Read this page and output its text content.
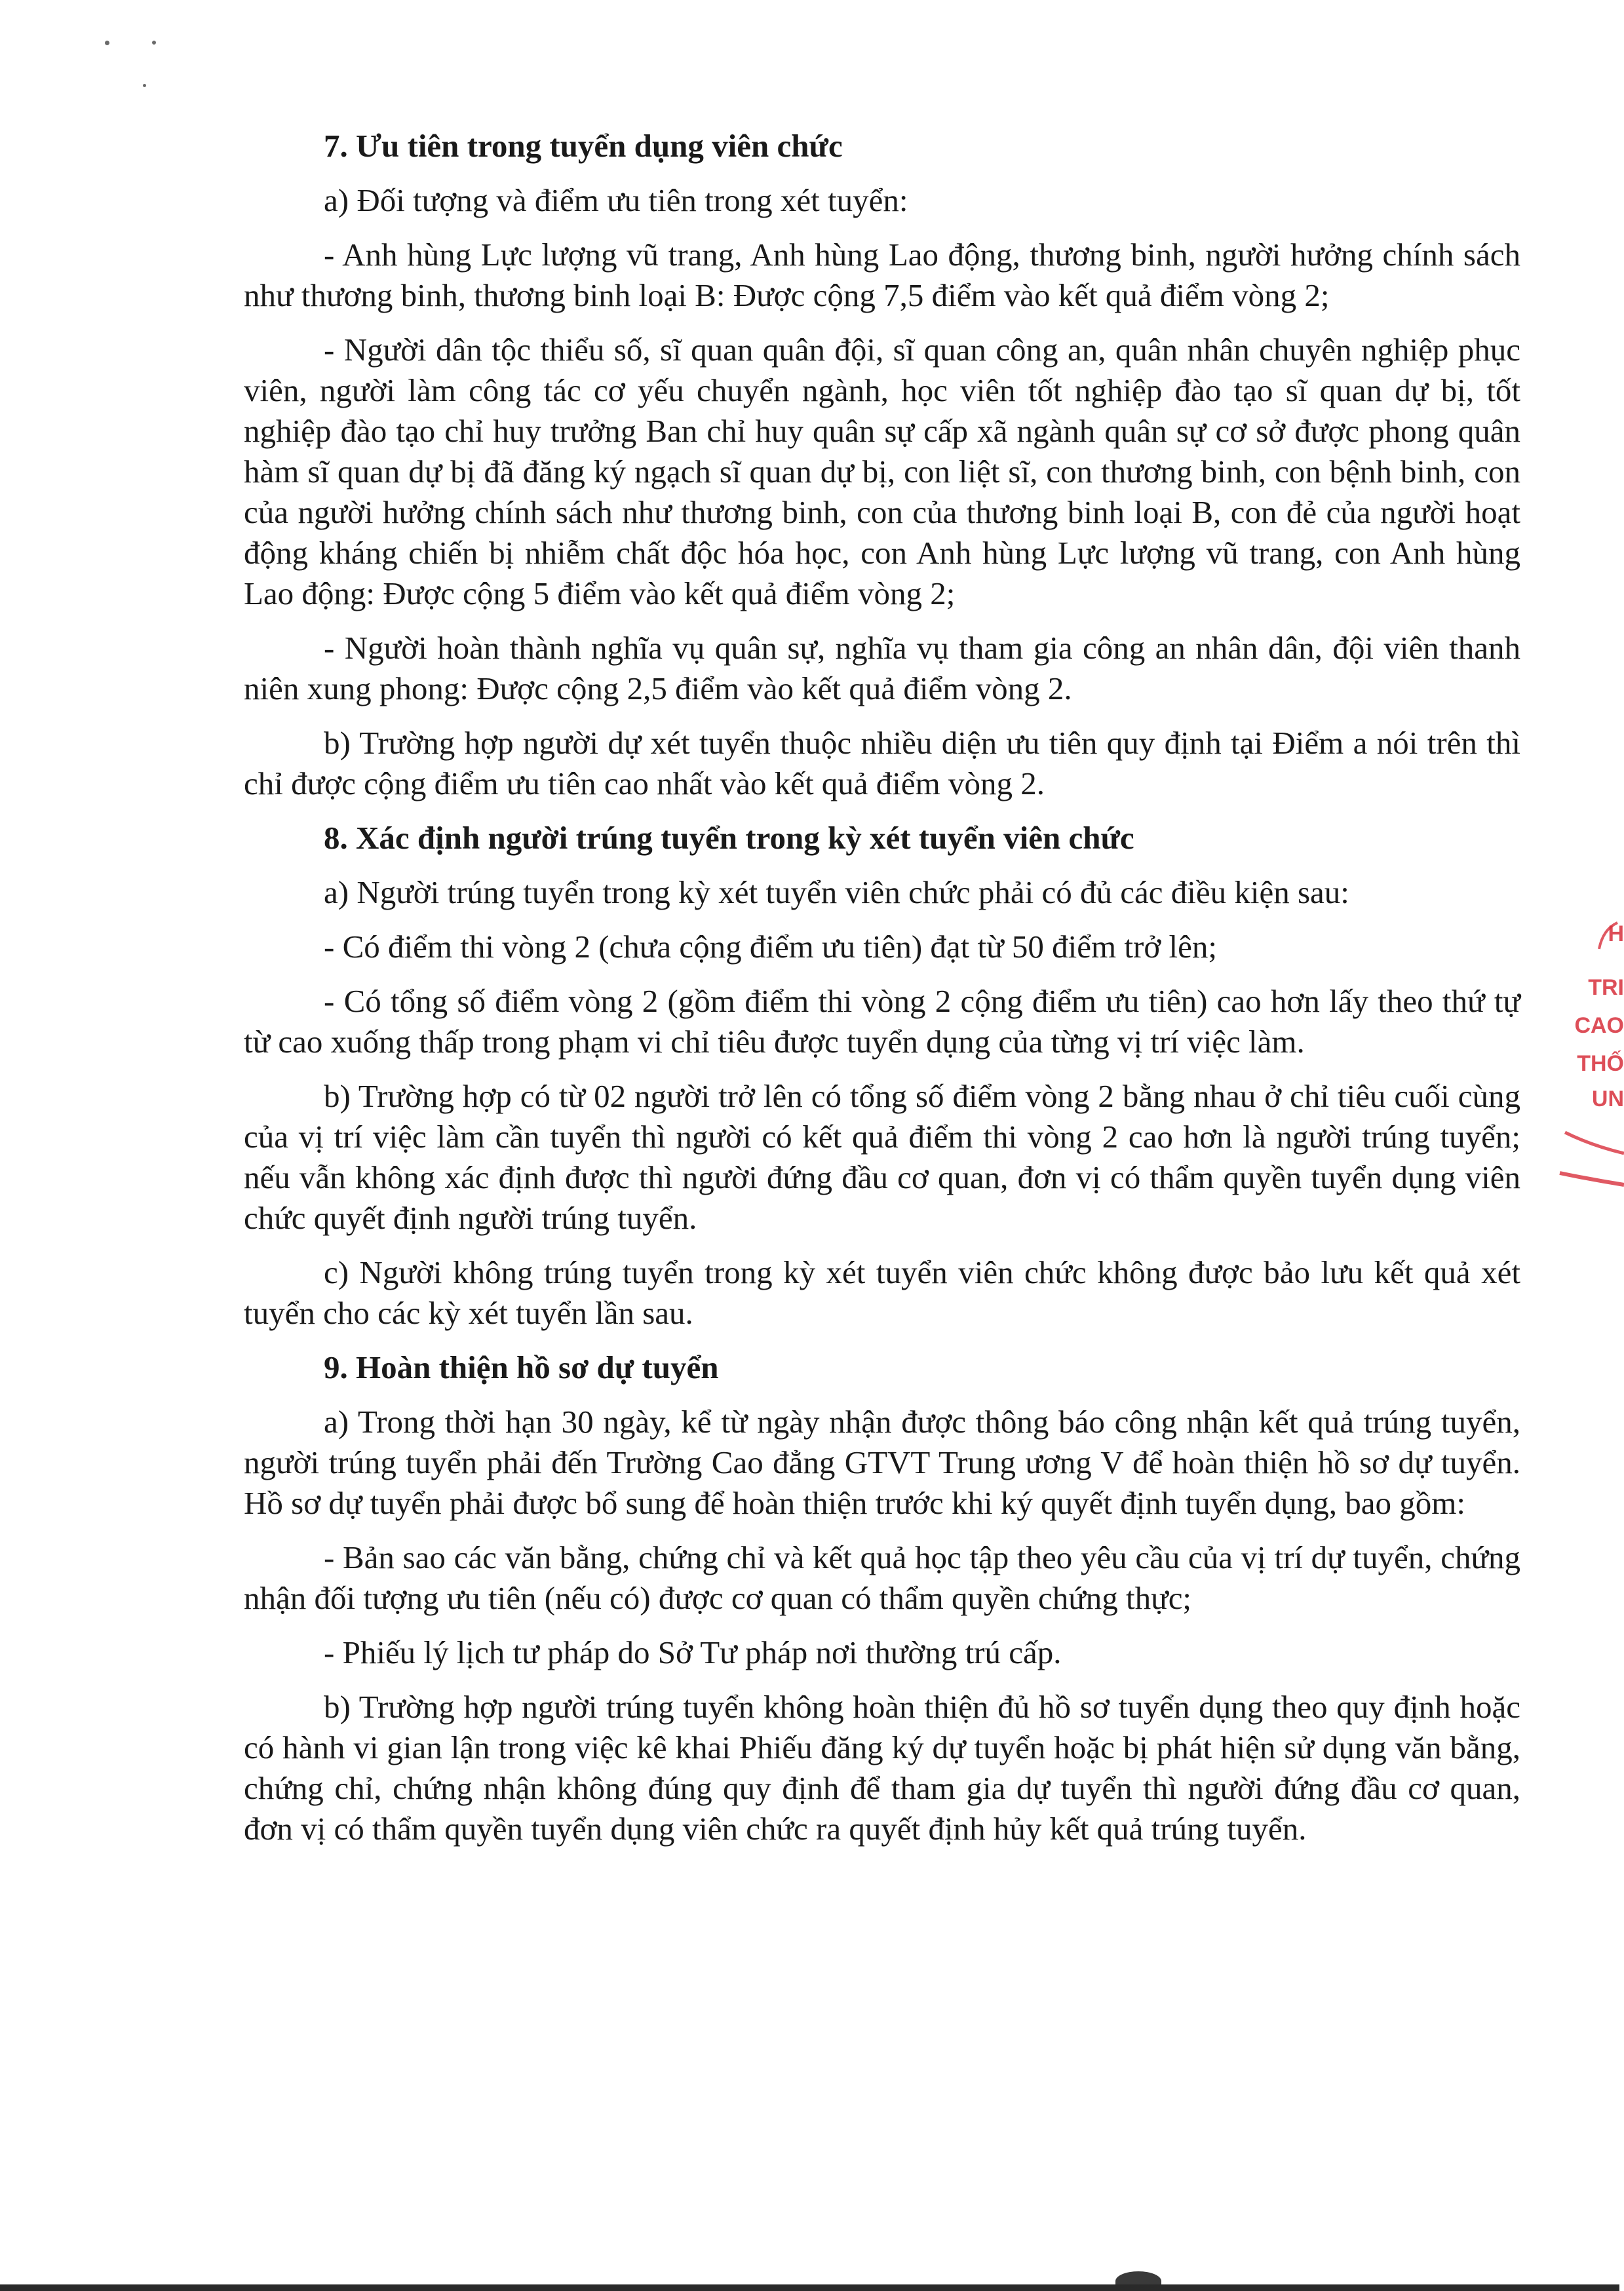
7. Ưu tiên trong tuyển dụng viên chức

a) Đối tượng và điểm ưu tiên trong xét tuyển:

- Anh hùng Lực lượng vũ trang, Anh hùng Lao động, thương binh, người hưởng chính sách như thương binh, thương binh loại B: Được cộng 7,5 điểm vào kết quả điểm vòng 2;

- Người dân tộc thiểu số, sĩ quan quân đội, sĩ quan công an, quân nhân chuyên nghiệp phục viên, người làm công tác cơ yếu chuyển ngành, học viên tốt nghiệp đào tạo sĩ quan dự bị, tốt nghiệp đào tạo chỉ huy trưởng Ban chỉ huy quân sự cấp xã ngành quân sự cơ sở được phong quân hàm sĩ quan dự bị đã đăng ký ngạch sĩ quan dự bị, con liệt sĩ, con thương binh, con bệnh binh, con của người hưởng chính sách như thương binh, con của thương binh loại B, con đẻ của người hoạt động kháng chiến bị nhiễm chất độc hóa học, con Anh hùng Lực lượng vũ trang, con Anh hùng Lao động: Được cộng 5 điểm vào kết quả điểm vòng 2;

- Người hoàn thành nghĩa vụ quân sự, nghĩa vụ tham gia công an nhân dân, đội viên thanh niên xung phong: Được cộng 2,5 điểm vào kết quả điểm vòng 2.

b) Trường hợp người dự xét tuyển thuộc nhiều diện ưu tiên quy định tại Điểm a nói trên thì chỉ được cộng điểm ưu tiên cao nhất vào kết quả điểm vòng 2.

8. Xác định người trúng tuyển trong kỳ xét tuyển viên chức

a) Người trúng tuyển trong kỳ xét tuyển viên chức phải có đủ các điều kiện sau:

- Có điểm thi vòng 2 (chưa cộng điểm ưu tiên) đạt từ 50 điểm trở lên;

- Có tổng số điểm vòng 2 (gồm điểm thi vòng 2 cộng điểm ưu tiên) cao hơn lấy theo thứ tự từ cao xuống thấp trong phạm vi chỉ tiêu được tuyển dụng của từng vị trí việc làm.

b) Trường hợp có từ 02 người trở lên có tổng số điểm vòng 2 bằng nhau ở chỉ tiêu cuối cùng của vị trí việc làm cần tuyển thì người có kết quả điểm thi vòng 2 cao hơn là người trúng tuyển; nếu vẫn không xác định được thì người đứng đầu cơ quan, đơn vị có thẩm quyền tuyển dụng viên chức quyết định người trúng tuyển.

c) Người không trúng tuyển trong kỳ xét tuyển viên chức không được bảo lưu kết quả xét tuyển cho các kỳ xét tuyển lần sau.

9. Hoàn thiện hồ sơ dự tuyển

a) Trong thời hạn 30 ngày, kể từ ngày nhận được thông báo công nhận kết quả trúng tuyển, người trúng tuyển phải đến Trường Cao đẳng GTVT Trung ương V để hoàn thiện hồ sơ dự tuyển. Hồ sơ dự tuyển phải được bổ sung để hoàn thiện trước khi ký quyết định tuyển dụng, bao gồm:

- Bản sao các văn bằng, chứng chỉ và kết quả học tập theo yêu cầu của vị trí dự tuyển, chứng nhận đối tượng ưu tiên (nếu có) được cơ quan có thẩm quyền chứng thực;

- Phiếu lý lịch tư pháp do Sở Tư pháp nơi thường trú cấp.

b) Trường hợp người trúng tuyển không hoàn thiện đủ hồ sơ tuyển dụng theo quy định hoặc có hành vi gian lận trong việc kê khai Phiếu đăng ký dự tuyển hoặc bị phát hiện sử dụng văn bằng, chứng chỉ, chứng nhận không đúng quy định để tham gia dự tuyển thì người đứng đầu cơ quan, đơn vị có thẩm quyền tuyển dụng viên chức ra quyết định hủy kết quả trúng tuyển.

H
TRI
CAO
THỐ
UN
